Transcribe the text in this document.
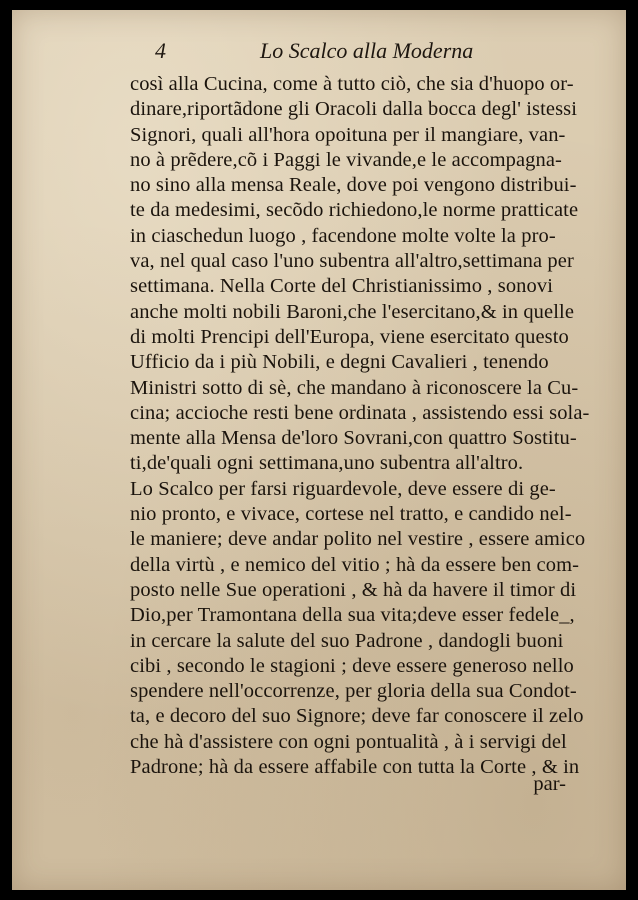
4	Lo Scalco alla Moderna
così alla Cucina, come à tutto ciò, che sia d'huopo or-
dinare,riportãdone gli Oracoli dalla bocca degl' istessi
Signori, quali all'hora opoituna per il mangiare, van-
no à prẽdere,cõ i Paggi le vivande,e le accompagna-
no sino alla mensa Reale, dove poi vengono distribui-
te da medesimi, secõdo richiedono,le norme pratticate
in ciaschedun luogo , facendone molte volte la pro-
va, nel qual caso l'uno subentra all'altro,settimana per
settimana. Nella Corte del Christianissimo , sonovi
anche molti nobili Baroni,che l'esercitano,& in quelle
di molti Prencipi dell'Europa, viene esercitato questo
Ufficio da i più Nobili, e degni Cavalieri , tenendo
Ministri sotto di sè, che mandano à riconoscere la Cu-
cina; accioche resti bene ordinata , assistendo essi sola-
mente alla Mensa de'loro Sovrani,con quattro Sostitu-
ti,de'quali ogni settimana,uno subentra all'altro.
Lo Scalco per farsi riguardevole, deve essere di ge-
nio pronto, e vivace, cortese nel tratto, e candido nel-
le maniere; deve andar polito nel vestire , essere amico
della virtù , e nemico del vitio ; hà da essere ben com-
posto nelle Sue operationi , & hà da havere il timor di
Dio,per Tramontana della sua vita;deve esser fedele_,
in cercare la salute del suo Padrone , dandogli buoni
cibi , secondo le stagioni ; deve essere generoso nello
spendere nell'occorrenze, per gloria della sua Condot-
ta, e decoro del suo Signore; deve far conoscere il zelo
che hà d'assistere con ogni pontualità , à i servigi del
Padrone; hà da essere affabile con tutta la Corte , & in
par-
